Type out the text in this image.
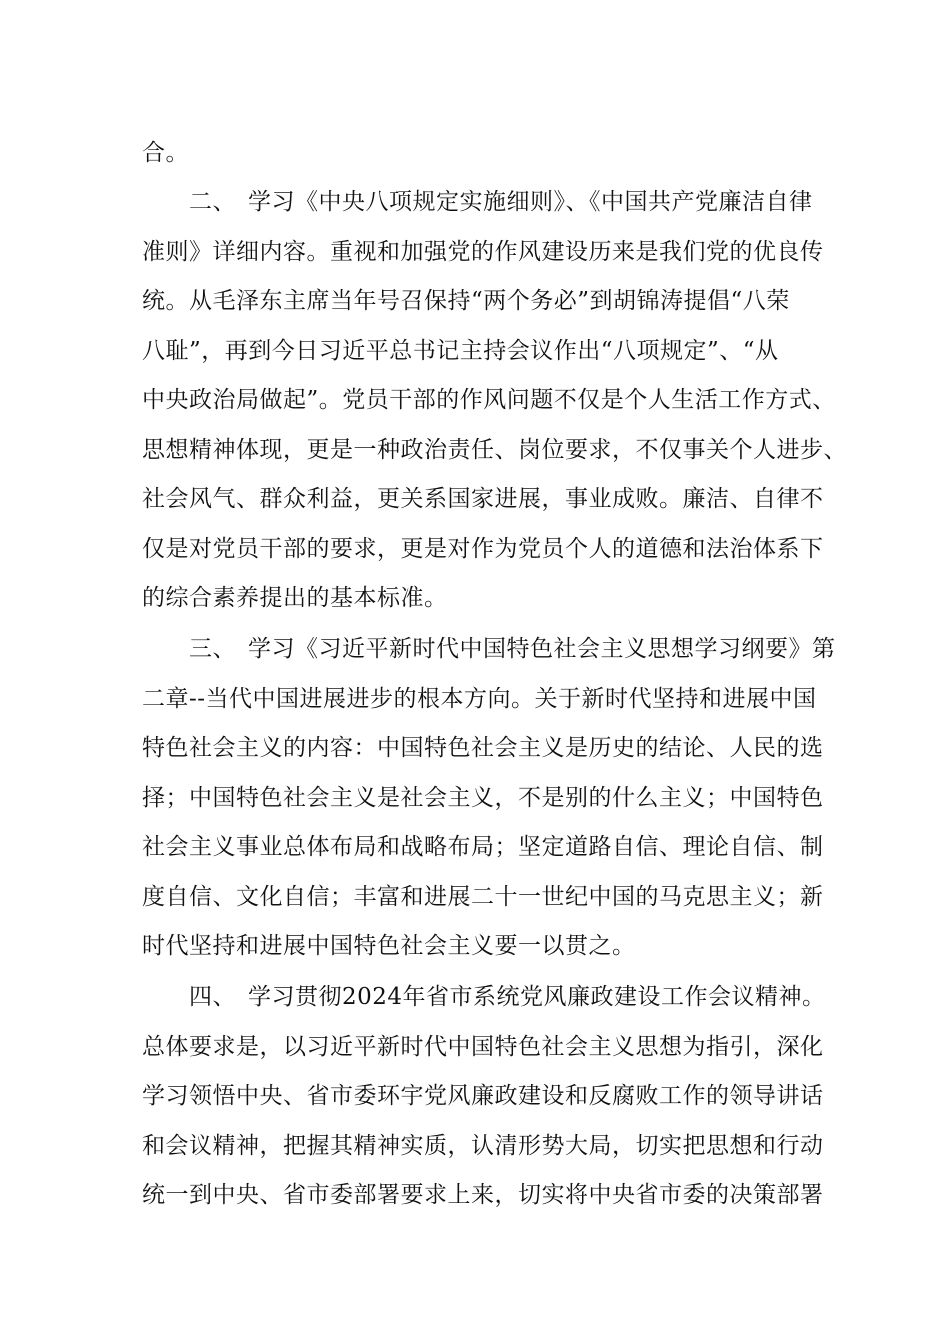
合。
　　二、　学习《中央八项规定实施细则》、《中国共产党廉洁自律
准则》详细内容。重视和加强党的作风建设历来是我们党的优良传
统。从毛泽东主席当年号召保持“两个务必”到胡锦涛提倡“八荣
八耻”，再到今日习近平总书记主持会议作出“八项规定”、“从
中央政治局做起”。党员干部的作风问题不仅是个人生活工作方式、
思想精神体现，更是一种政治责任、岗位要求，不仅事关个人进步、
社会风气、群众利益，更关系国家进展，事业成败。廉洁、自律不
仅是对党员干部的要求，更是对作为党员个人的道德和法治体系下
的综合素养提出的基本标准。
　　三、　学习《习近平新时代中国特色社会主义思想学习纲要》第
二章--当代中国进展进步的根本方向。关于新时代坚持和进展中国
特色社会主义的内容：中国特色社会主义是历史的结论、人民的选
择；中国特色社会主义是社会主义，不是别的什么主义；中国特色
社会主义事业总体布局和战略布局；坚定道路自信、理论自信、制
度自信、文化自信；丰富和进展二十一世纪中国的马克思主义；新
时代坚持和进展中国特色社会主义要一以贯之。
　　四、　学习贯彻2024年省市系统党风廉政建设工作会议精神。
总体要求是，以习近平新时代中国特色社会主义思想为指引，深化
学习领悟中央、省市委环宇党风廉政建设和反腐败工作的领导讲话
和会议精神，把握其精神实质，认清形势大局，切实把思想和行动
统一到中央、省市委部署要求上来，切实将中央省市委的决策部署
